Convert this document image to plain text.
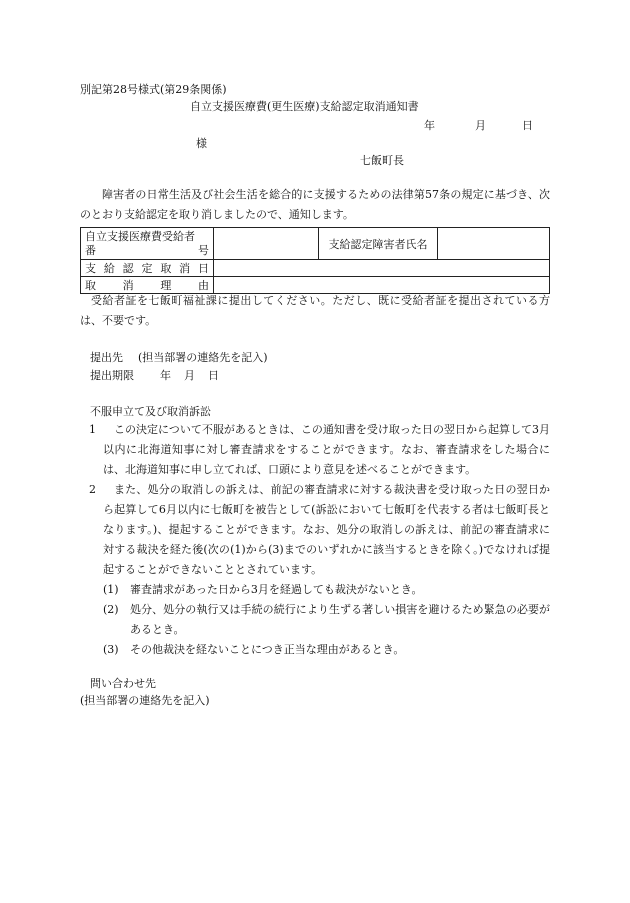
別記第28号様式(第29条関係)
自立支援医療費(更生医療)支給認定取消通知書
年	月	日
様
七飯町長
障害者の日常生活及び社会生活を総合的に支援するための法律第57条の規定に基づき、次のとおり支給認定を取り消しましたので、通知します。
自立支援医療費受給者
番　　　　　　　　号		支給認定障害者氏名	
支給認定取消日			
取消理由			
受給者証を七飯町福祉課に提出してください。ただし、既に受給者証を提出されている方は、不要です。
提出先 (担当部署の連絡先を記入)
提出期限 年 月 日
不服申立て及び取消訴訟
1	この決定について不服があるときは、この通知書を受け取った日の翌日から起算して3月以内に北海道知事に対し審査請求をすることができます。なお、審査請求をした場合には、北海道知事に申し立てれば、口頭により意見を述べることができます。
2	また、処分の取消しの訴えは、前記の審査請求に対する裁決書を受け取った日の翌日から起算して6月以内に七飯町を被告として(訴訟において七飯町を代表する者は七飯町長となります。)、提起することができます。なお、処分の取消しの訴えは、前記の審査請求に対する裁決を経た後(次の(1)から(3)までのいずれかに該当するときを除く。)でなければ提起することができないこととされています。
(1) 審査請求があった日から3月を経過しても裁決がないとき。
(2) 処分、処分の執行又は手続の続行により生ずる著しい損害を避けるため緊急の必要があるとき。
(3) その他裁決を経ないことにつき正当な理由があるとき。
問い合わせ先
(担当部署の連絡先を記入)
